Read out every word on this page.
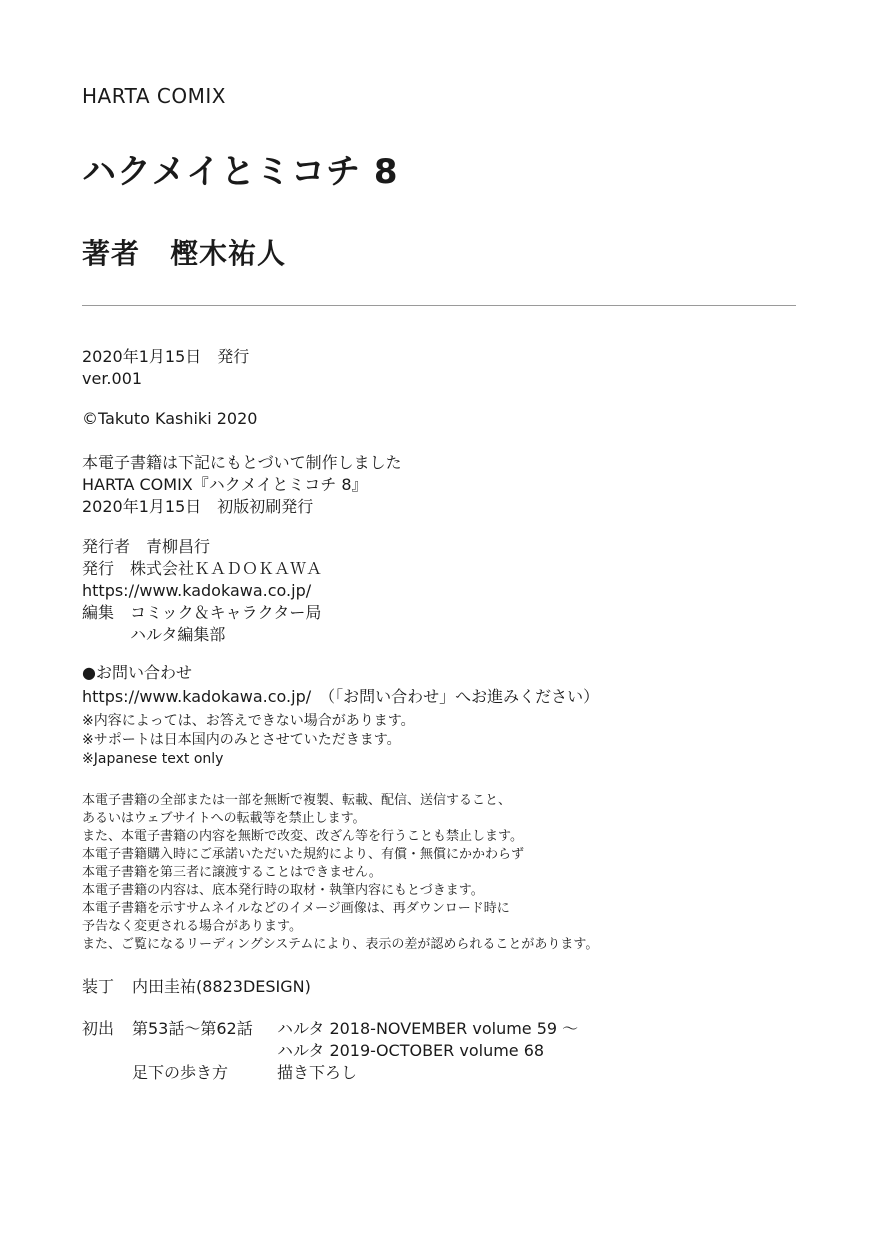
HARTA COMIX
ハクメイとミコチ 8
著者 樫木祐人
2020年1月15日　発行
ver.001
©Takuto Kashiki 2020
本電子書籍は下記にもとづいて制作しました
HARTA COMIX『ハクメイとミコチ 8』
2020年1月15日　初版初刷発行
発行者　青柳昌行
発行　株式会社ＫＡＤＯＫＡＷＡ
https://www.kadokawa.co.jp/
編集　コミック＆キャラクター局
　　　ハルタ編集部
●お問い合わせ
https://www.kadokawa.co.jp/　（「お問い合わせ」へお進みください）
※内容によっては、お答えできない場合があります。
※サポートは日本国内のみとさせていただきます。
※Japanese text only
本電子書籍の全部または一部を無断で複製、転載、配信、送信すること、
あるいはウェブサイトへの転載等を禁止します。
また、本電子書籍の内容を無断で改変、改ざん等を行うことも禁止します。
本電子書籍購入時にご承諾いただいた規約により、有償・無償にかかわらず
本電子書籍を第三者に譲渡することはできません。
本電子書籍の内容は、底本発行時の取材・執筆内容にもとづきます。
本電子書籍を示すサムネイルなどのイメージ画像は、再ダウンロード時に
予告なく変更される場合があります。
また、ご覧になるリーディングシステムにより、表示の差が認められることがあります。
装丁 内田圭祐(8823DESIGN)
初出 第53話〜第62話 ハルタ 2018-NOVEMBER volume 59 〜
ハルタ 2019-OCTOBER volume 68
足下の歩き方	描き下ろし
